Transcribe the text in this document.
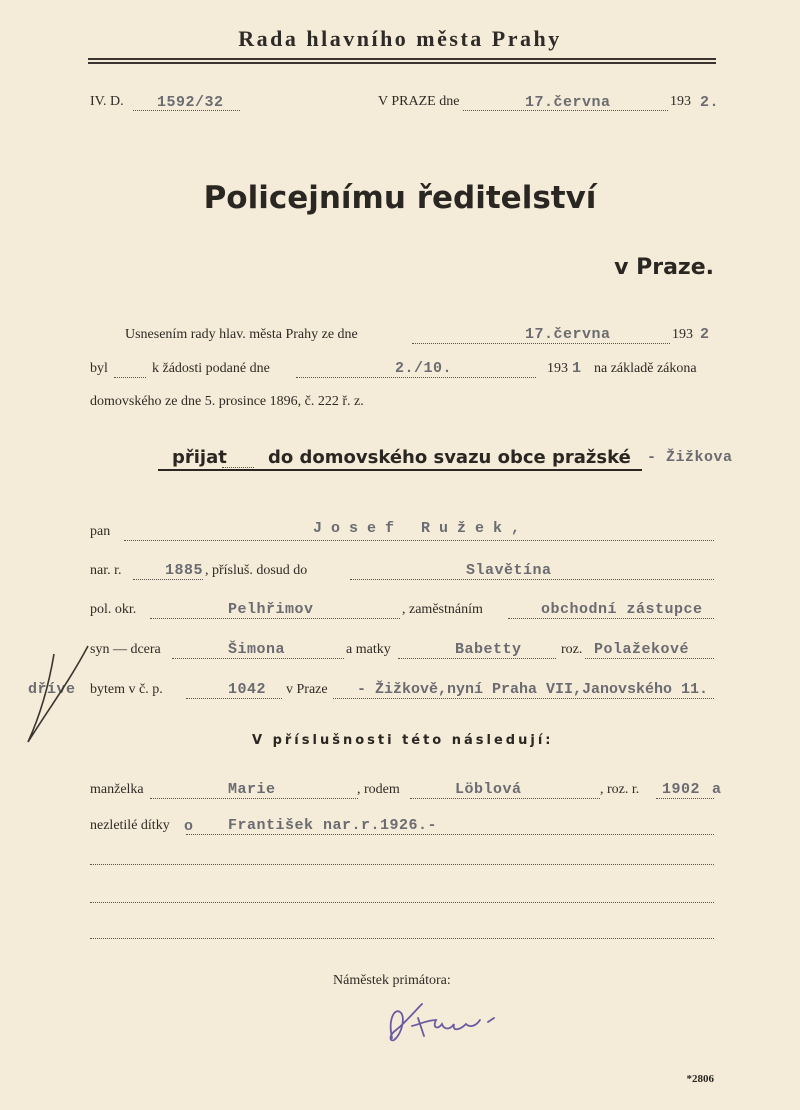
Rada hlavního města Prahy
IV. D. 1592/32	V PRAZE dne	17.června	193 2.
Policejnímu ředitelství
v Praze.
Usnesením rady hlav. města Prahy ze dne	17.června	193 2
byl	k žádosti podané dne	2./10.	193 1 na základě zákona
domovského ze dne 5. prosince 1896, č. 222 ř. z.
přijat do domovského svazu obce pražské - Žižkova
pan	Josef Ružek,
nar. r.	1885 , přísluš. dosud do	Slavětína
pol. okr.	Pelhřimov	, zaměstnáním	obchodní zástupce
syn — dcera	Šimona	a matky	Babetty	roz. Polažekové
dříve bytem v č. p.	1042 v Praze - Žižkově,nyní Praha VII,Janovského 11.
V příslušnosti této následují:
manželka	Marie	, rodem	Löblová	, roz. r. 1902 a
nezletilé dítky o František nar.r.1926.-
Náměstek primátora:
*2806
